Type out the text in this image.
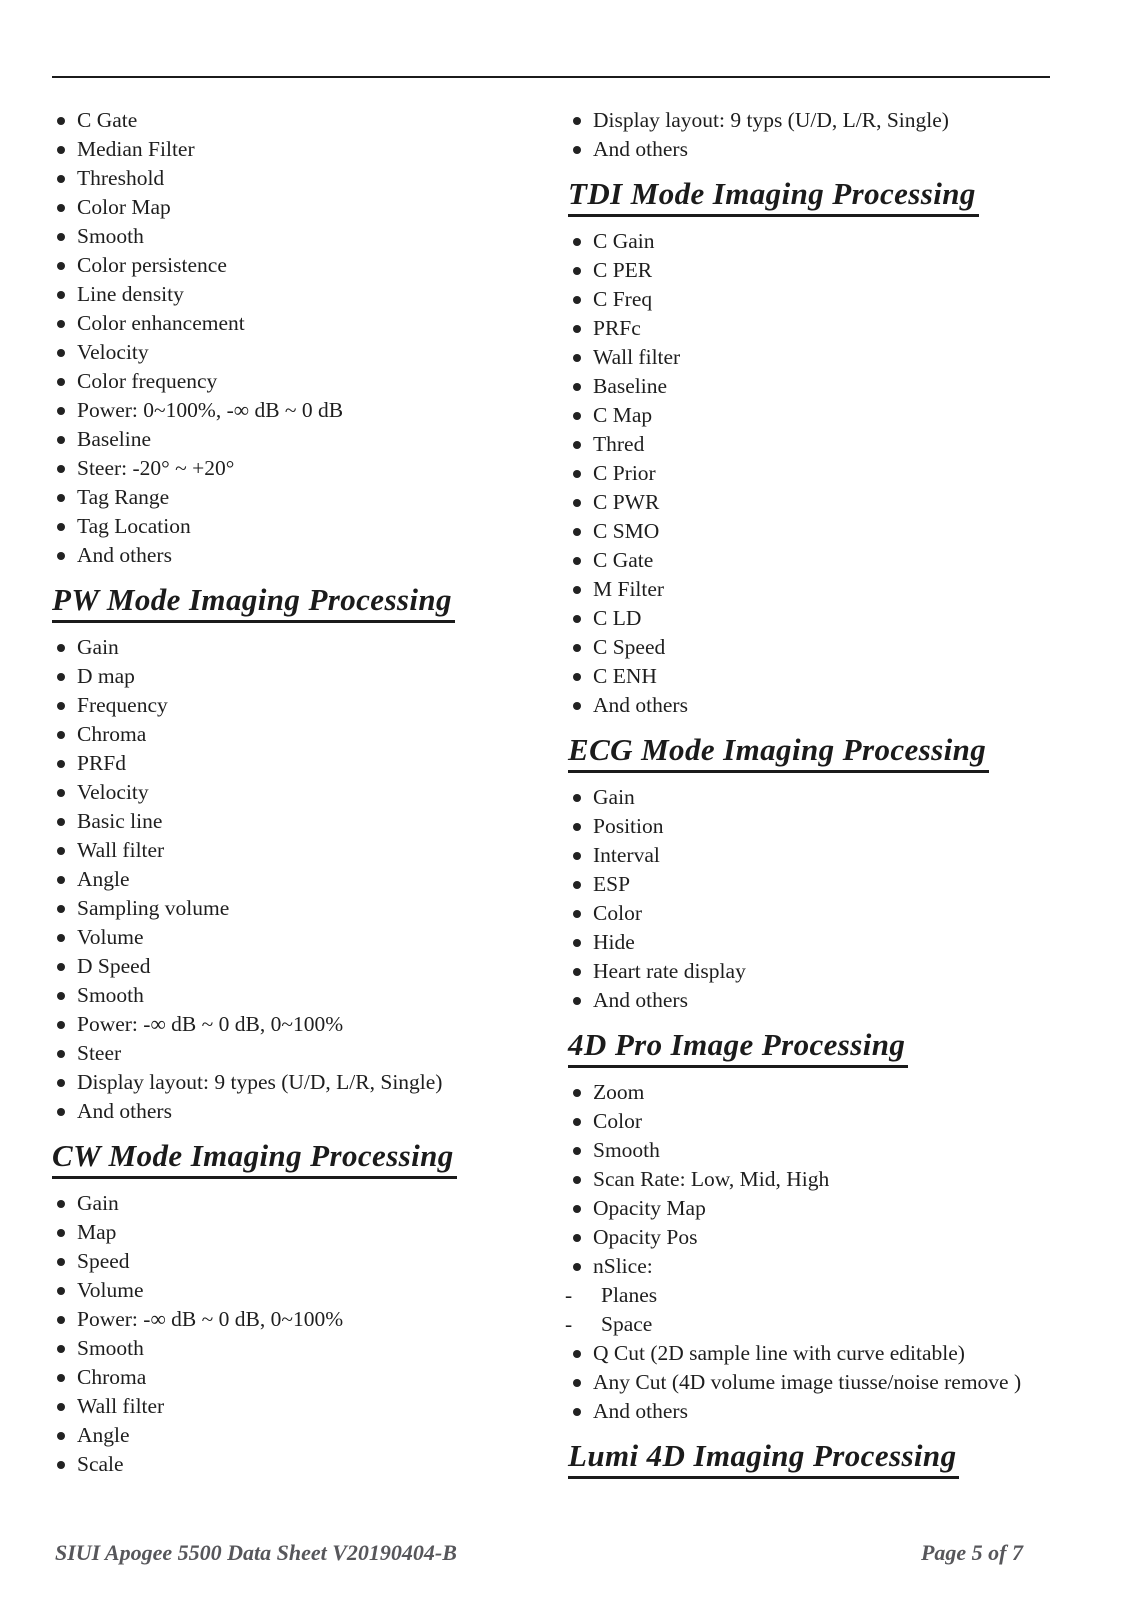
C Gate
Median Filter
Threshold
Color Map
Smooth
Color persistence
Line density
Color enhancement
Velocity
Color frequency
Power: 0~100%, -∞ dB ~ 0 dB
Baseline
Steer: -20° ~ +20°
Tag Range
Tag Location
And others
PW Mode Imaging Processing
Gain
D map
Frequency
Chroma
PRFd
Velocity
Basic line
Wall filter
Angle
Sampling volume
Volume
D Speed
Smooth
Power: -∞ dB ~ 0 dB, 0~100%
Steer
Display layout: 9 types (U/D, L/R, Single)
And others
CW Mode Imaging Processing
Gain
Map
Speed
Volume
Power: -∞ dB ~ 0 dB, 0~100%
Smooth
Chroma
Wall filter
Angle
Scale
Display layout: 9 typs (U/D, L/R, Single)
And others
TDI Mode Imaging Processing
C Gain
C PER
C Freq
PRFc
Wall filter
Baseline
C Map
Thred
C Prior
C PWR
C SMO
C Gate
M Filter
C LD
C Speed
C ENH
And others
ECG Mode Imaging Processing
Gain
Position
Interval
ESP
Color
Hide
Heart rate display
And others
4D Pro Image Processing
Zoom
Color
Smooth
Scan Rate: Low, Mid, High
Opacity Map
Opacity Pos
nSlice:
-	Planes
-	Space
Q Cut (2D sample line with curve editable)
Any Cut (4D volume image tiusse/noise remove )
And others
Lumi 4D Imaging Processing
SIUI Apogee 5500 Data Sheet V20190404-B	Page 5 of 7
